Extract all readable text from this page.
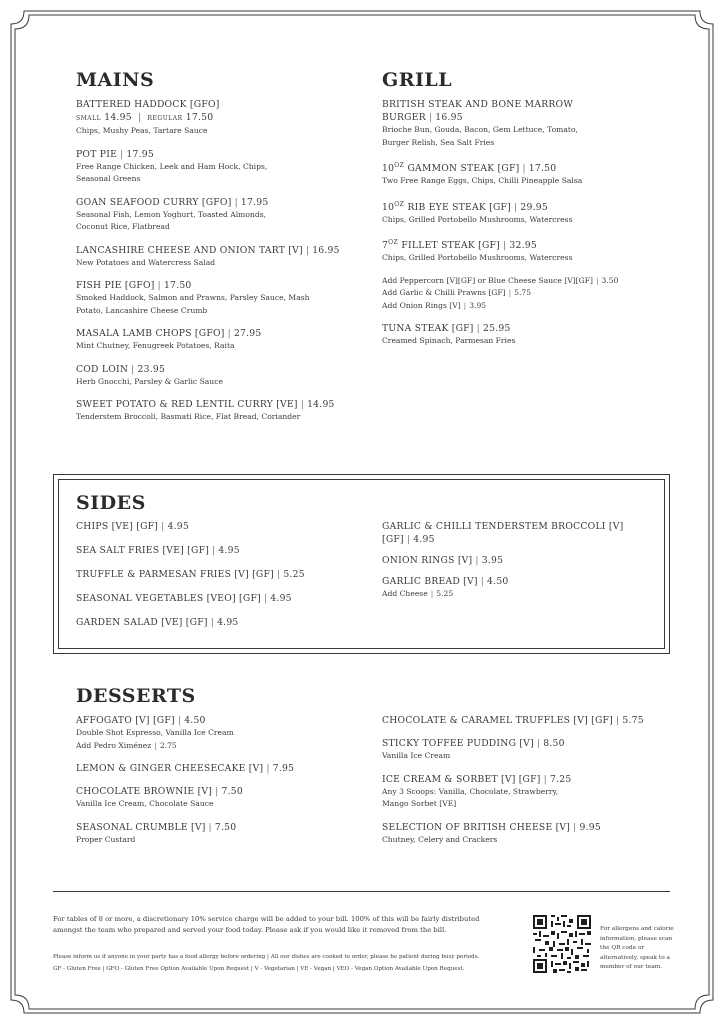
MAINS
BATTERED HADDOCK [GFO]
SMALL 14.95 | REGULAR 17.50
Chips, Mushy Peas, Tartare Sauce
POT PIE | 17.95
Free Range Chicken, Leek and Ham Hock, Chips, Seasonal Greens
GOAN SEAFOOD CURRY [GFO] | 17.95
Seasonal Fish, Lemon Yoghurt, Toasted Almonds, Coconut Rice, Flatbread
LANCASHIRE CHEESE AND ONION TART [V] | 16.95
New Potatoes and Watercress Salad
FISH PIE [GFO] | 17.50
Smoked Haddock, Salmon and Prawns, Parsley Sauce, Mash Potato, Lancashire Cheese Crumb
MASALA LAMB CHOPS [GFO] | 27.95
Mint Chutney, Fenugreek Potatoes, Raita
COD LOIN | 23.95
Herb Gnocchi, Parsley & Garlic Sauce
SWEET POTATO & RED LENTIL CURRY [VE] | 14.95
Tenderstem Broccoli, Basmati Rice, Flat Bread, Coriander
GRILL
BRITISH STEAK AND BONE MARROW BURGER | 16.95
Brioche Bun, Gouda, Bacon, Gem Lettuce, Tomato, Burger Relish, Sea Salt Fries
$10^{OZ}$ GAMMON STEAK [GF] | 17.50
Two Free Range Eggs, Chips, Chilli Pineapple Salsa
$10^{OZ}$ RIB EYE STEAK [GF] | 29.95
Chips, Grilled Portobello Mushrooms, Watercress
$7^{OZ}$ FILLET STEAK [GF] | 32.95
Chips, Grilled Portobello Mushrooms, Watercress
Add Peppercorn [V][GF] or Blue Cheese Sauce [V][GF] | 3.50
Add Garlic & Chilli Prawns [GF] | 5.75
Add Onion Rings [V] | 3.95
TUNA STEAK [GF] | 25.95
Creamed Spinach, Parmesan Fries
SIDES
CHIPS [VE] [GF] | 4.95
SEA SALT FRIES [VE] [GF] | 4.95
TRUFFLE & PARMESAN FRIES [V] [GF] | 5.25
SEASONAL VEGETABLES [VEO] [GF] | 4.95
GARDEN SALAD [VE] [GF] | 4.95
GARLIC & CHILLI TENDERSTEM BROCCOLI [V] [GF] | 4.95
ONION RINGS [V] | 3.95
GARLIC BREAD [V] | 4.50
Add Cheese | 5.25
DESSERTS
AFFOGATO [V] [GF] | 4.50
Double Shot Espresso, Vanilla Ice Cream
Add Pedro Ximénez | 2.75
LEMON & GINGER CHEESECAKE [V] | 7.95
CHOCOLATE BROWNIE [V] | 7.50
Vanilla Ice Cream, Chocolate Sauce
SEASONAL CRUMBLE [V] | 7.50
Proper Custard
CHOCOLATE & CARAMEL TRUFFLES [V] [GF] | 5.75
STICKY TOFFEE PUDDING [V] | 8.50
Vanilla Ice Cream
ICE CREAM & SORBET [V] [GF] | 7.25
Any 3 Scoops: Vanilla, Chocolate, Strawberry, Mango Sorbet [VE]
SELECTION OF BRITISH CHEESE [V] | 9.95
Chutney, Celery and Crackers
For tables of 8 or more, a discretionary 10% service charge will be added to your bill. 100% of this will be fairly distributed
amongst the team who prepared and served your food today. Please ask if you would like it removed from the bill.
Please inform us if anyone in your party has a food allergy before ordering | All our dishes are cooked to order, please be patient during busy periods.
GF - Gluten Free | GFO - Gluten Free Option Available Upon Request | V - Vegetarian | VE - Vegan | VEO - Vegan Option Available Upon Request.
For allergens and calorie information, please scan the QR code or alternatively, speak to a member of our team.
